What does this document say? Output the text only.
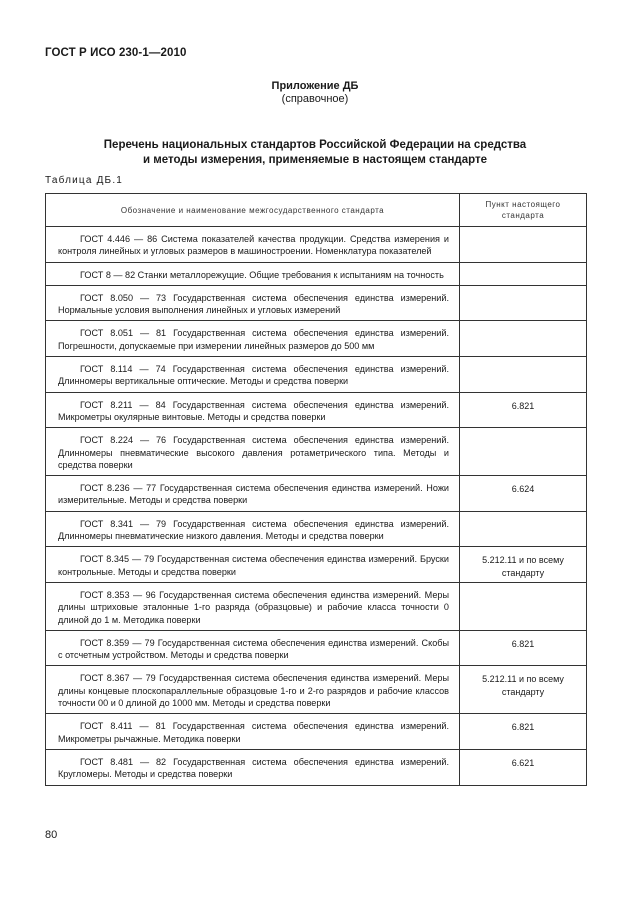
ГОСТ Р ИСО 230-1—2010
Приложение ДБ
(справочное)
Перечень национальных стандартов Российской Федерации на средства
и методы измерения, применяемые в настоящем стандарте
Таблица ДБ.1
Обозначение и наименование межгосударственного стандарта	Пункт настоящего стандарта
ГОСТ 4.446 — 86 Система показателей качества продукции. Средства измерения и контроля линейных и угловых размеров в машиностроении. Номенклатура показателей	
ГОСТ 8 — 82 Станки металлорежущие. Общие требования к испытаниям на точность	
ГОСТ 8.050 — 73 Государственная система обеспечения единства измерений. Нормальные условия выполнения линейных и угловых измерений	
ГОСТ 8.051 — 81 Государственная система обеспечения единства измерений. Погрешности, допускаемые при измерении линейных размеров до 500 мм	
ГОСТ 8.114 — 74 Государственная система обеспечения единства измерений. Длинномеры вертикальные оптические. Методы и средства поверки	
ГОСТ 8.211 — 84 Государственная система обеспечения единства измерений. Микрометры окулярные винтовые. Методы и средства поверки	6.821
ГОСТ 8.224 — 76 Государственная система обеспечения единства измерений. Длинномеры пневматические высокого давления ротаметрического типа. Методы и средства поверки	
ГОСТ 8.236 — 77 Государственная система обеспечения единства измерений. Ножи измерительные. Методы и средства поверки	6.624
ГОСТ 8.341 — 79 Государственная система обеспечения единства измерений. Длинномеры пневматические низкого давления. Методы и средства поверки	
ГОСТ 8.345 — 79 Государственная система обеспечения единства измерений. Бруски контрольные. Методы и средства поверки	5.212.11 и по всему стандарту
ГОСТ 8.353 — 96 Государственная система обеспечения единства измерений. Меры длины штриховые эталонные 1-го разряда (образцовые) и рабочие класса точности 0 длиной до 1 м. Методика поверки	
ГОСТ 8.359 — 79 Государственная система обеспечения единства измерений. Скобы с отсчетным устройством. Методы и средства поверки	6.821
ГОСТ 8.367 — 79 Государственная система обеспечения единства измерений. Меры длины концевые плоскопараллельные образцовые 1-го и 2-го разрядов и рабочие классов точности 00 и 0 длиной до 1000 мм. Методы и средства поверки	5.212.11 и по всему стандарту
ГОСТ 8.411 — 81 Государственная система обеспечения единства измерений. Микрометры рычажные. Методика поверки	6.821
ГОСТ 8.481 — 82 Государственная система обеспечения единства измерений. Кругломеры. Методы и средства поверки	6.621
80
